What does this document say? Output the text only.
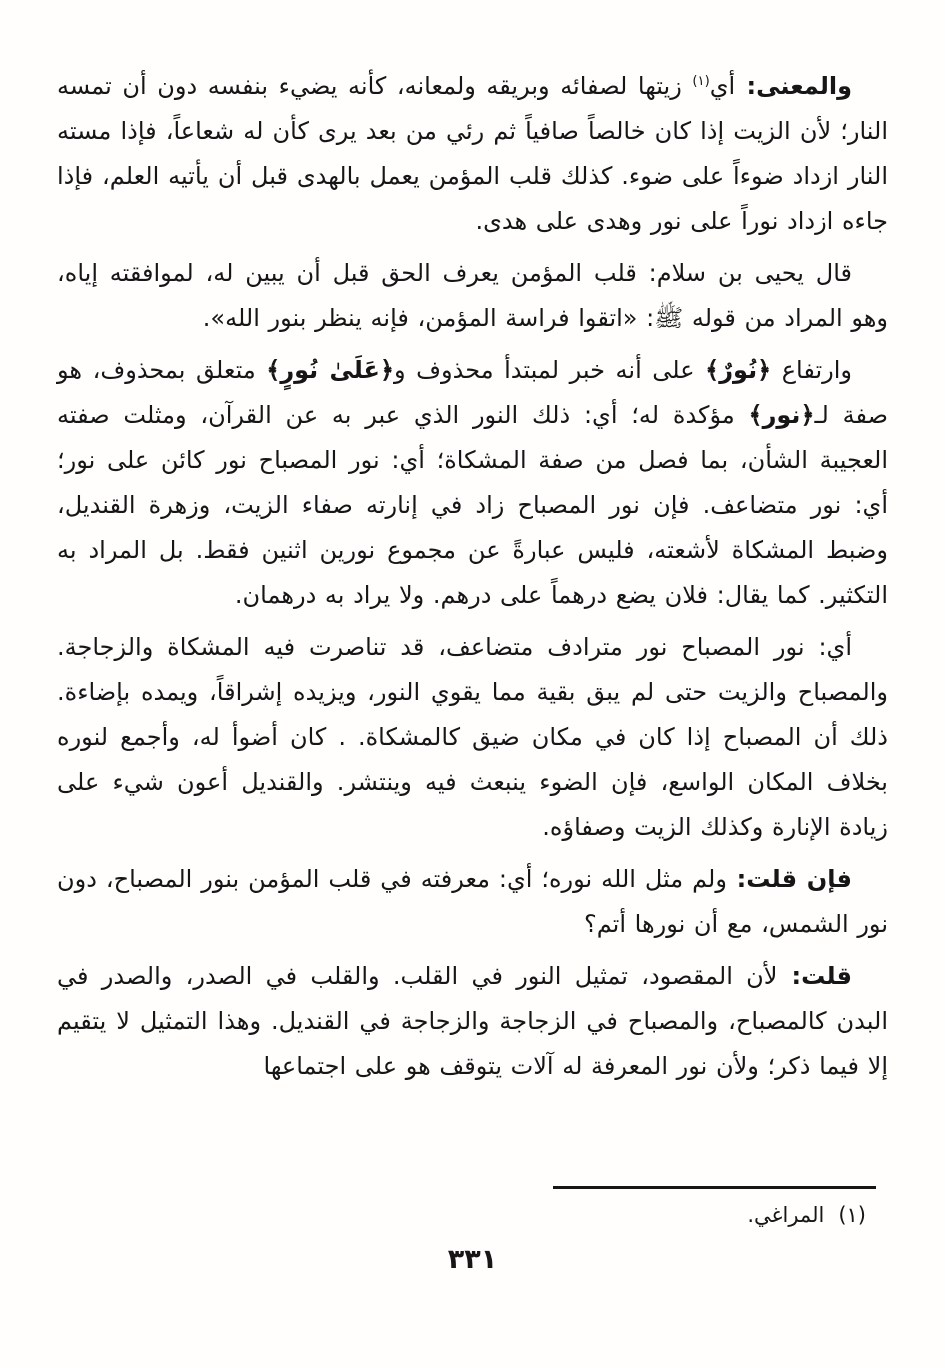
والمعنى: أي$^{(١)}$ زيتها لصفائه وبريقه ولمعانه، كأنه يضيء بنفسه دون أن تمسه النار؛ لأن الزيت إذا كان خالصاً صافياً ثم رئي من بعد يرى كأن له شعاعاً، فإذا مسته النار ازداد ضوءاً على ضوء. كذلك قلب المؤمن يعمل بالهدى قبل أن يأتيه العلم، فإذا جاءه ازداد نوراً على نور وهدى على هدى.

قال يحيى بن سلام: قلب المؤمن يعرف الحق قبل أن يبين له، لموافقته إياه، وهو المراد من قوله ﷺ: «اتقوا فراسة المؤمن، فإنه ينظر بنور الله».

وارتفاع ﴿نُورٌ﴾ على أنه خبر لمبتدأ محذوف و﴿عَلَىٰ نُورٍ﴾ متعلق بمحذوف، هو صفة لـ﴿نور﴾ مؤكدة له؛ أي: ذلك النور الذي عبر به عن القرآن، ومثلت صفته العجيبة الشأن، بما فصل من صفة المشكاة؛ أي: نور المصباح نور كائن على نور؛ أي: نور متضاعف. فإن نور المصباح زاد في إنارته صفاء الزيت، وزهرة القنديل، وضبط المشكاة لأشعته، فليس عبارةً عن مجموع نورين اثنين فقط. بل المراد به التكثير. كما يقال: فلان يضع درهماً على درهم. ولا يراد به درهمان.

أي: نور المصباح نور مترادف متضاعف، قد تناصرت فيه المشكاة والزجاجة. والمصباح والزيت حتى لم يبق بقية مما يقوي النور، ويزيده إشراقاً، ويمده بإضاءة. ذلك أن المصباح إذا كان في مكان ضيق كالمشكاة. . كان أضوأ له، وأجمع لنوره بخلاف المكان الواسع، فإن الضوء ينبعث فيه وينتشر. والقنديل أعون شيء على زيادة الإنارة وكذلك الزيت وصفاؤه.

فإن قلت: ولم مثل الله نوره؛ أي: معرفته في قلب المؤمن بنور المصباح، دون نور الشمس، مع أن نورها أتم؟

قلت: لأن المقصود، تمثيل النور في القلب. والقلب في الصدر، والصدر في البدن كالمصباح، والمصباح في الزجاجة والزجاجة في القنديل. وهذا التمثيل لا يتقيم إلا فيما ذكر؛ ولأن نور المعرفة له آلات يتوقف هو على اجتماعها

(١)المراغي.
٣٣١
